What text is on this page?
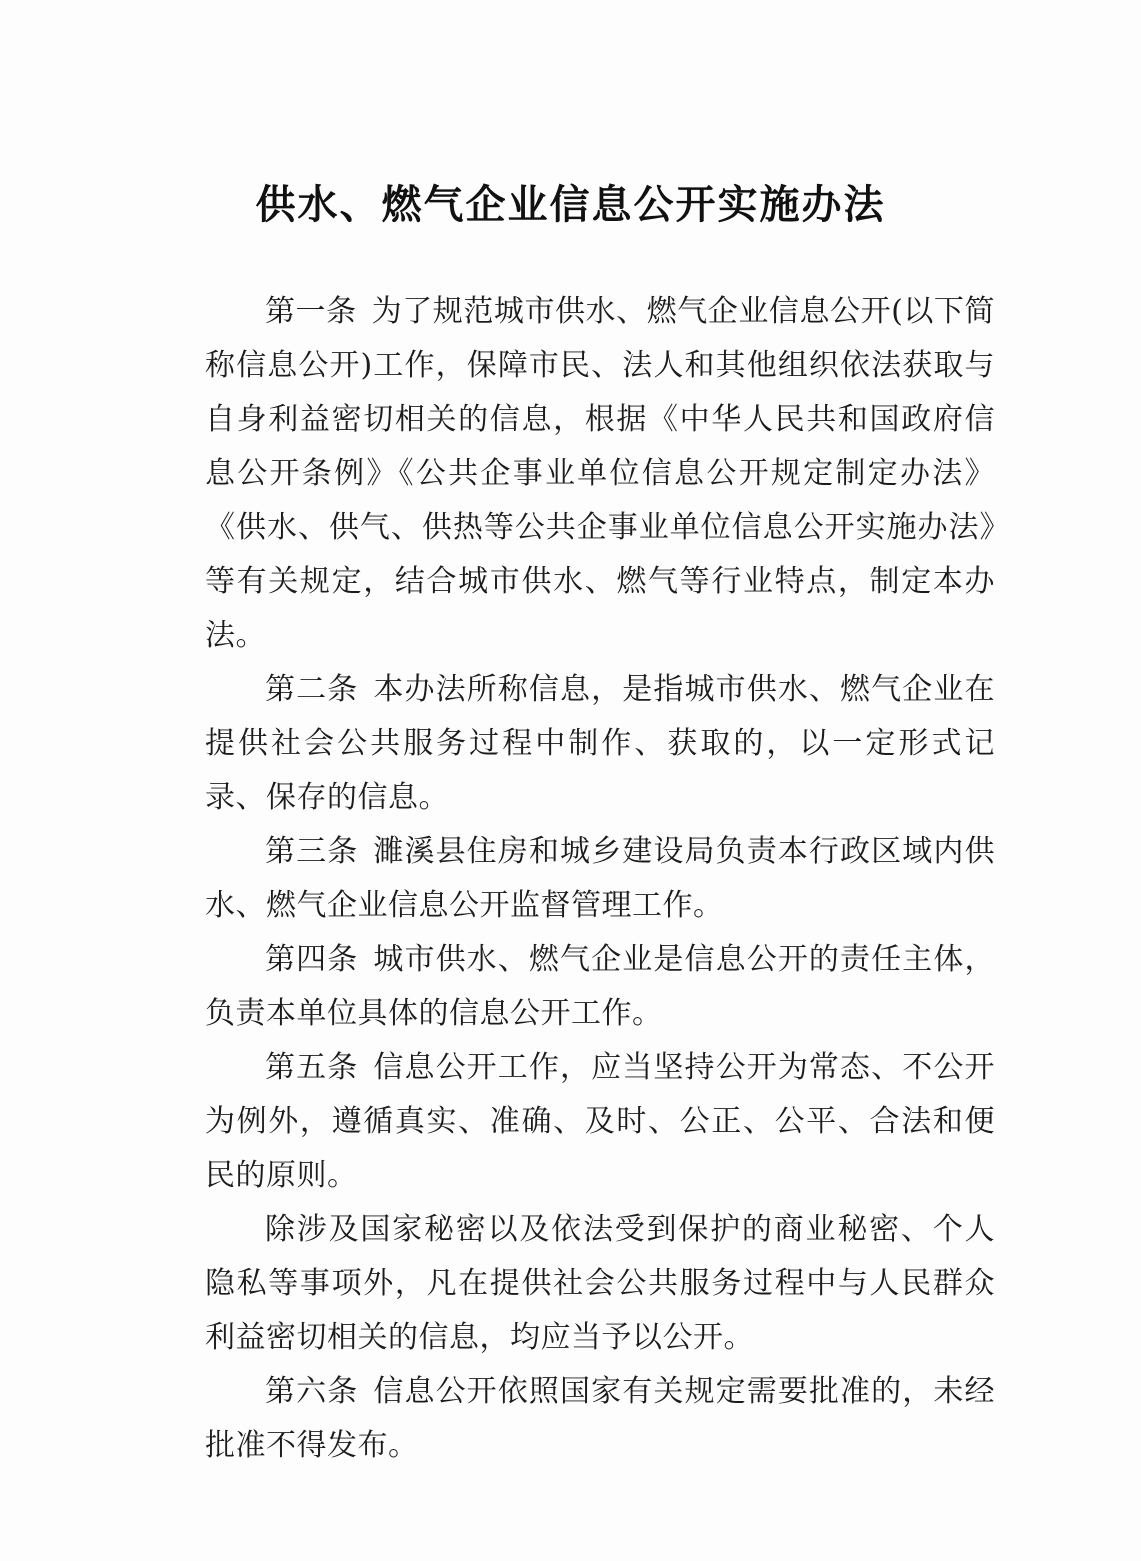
供水、燃气企业信息公开实施办法

第一条 为了规范城市供水、燃气企业信息公开(以下简称信息公开)工作，保障市民、法人和其他组织依法获取与自身利益密切相关的信息，根据《中华人民共和国政府信息公开条例》《公共企事业单位信息公开规定制定办法》《供水、供气、供热等公共企事业单位信息公开实施办法》等有关规定，结合城市供水、燃气等行业特点，制定本办法。

第二条 本办法所称信息，是指城市供水、燃气企业在提供社会公共服务过程中制作、获取的，以一定形式记录、保存的信息。

第三条 濉溪县住房和城乡建设局负责本行政区域内供水、燃气企业信息公开监督管理工作。

第四条 城市供水、燃气企业是信息公开的责任主体，负责本单位具体的信息公开工作。

第五条 信息公开工作，应当坚持公开为常态、不公开为例外，遵循真实、准确、及时、公正、公平、合法和便民的原则。

除涉及国家秘密以及依法受到保护的商业秘密、个人隐私等事项外，凡在提供社会公共服务过程中与人民群众利益密切相关的信息，均应当予以公开。

第六条 信息公开依照国家有关规定需要批准的，未经批准不得发布。
